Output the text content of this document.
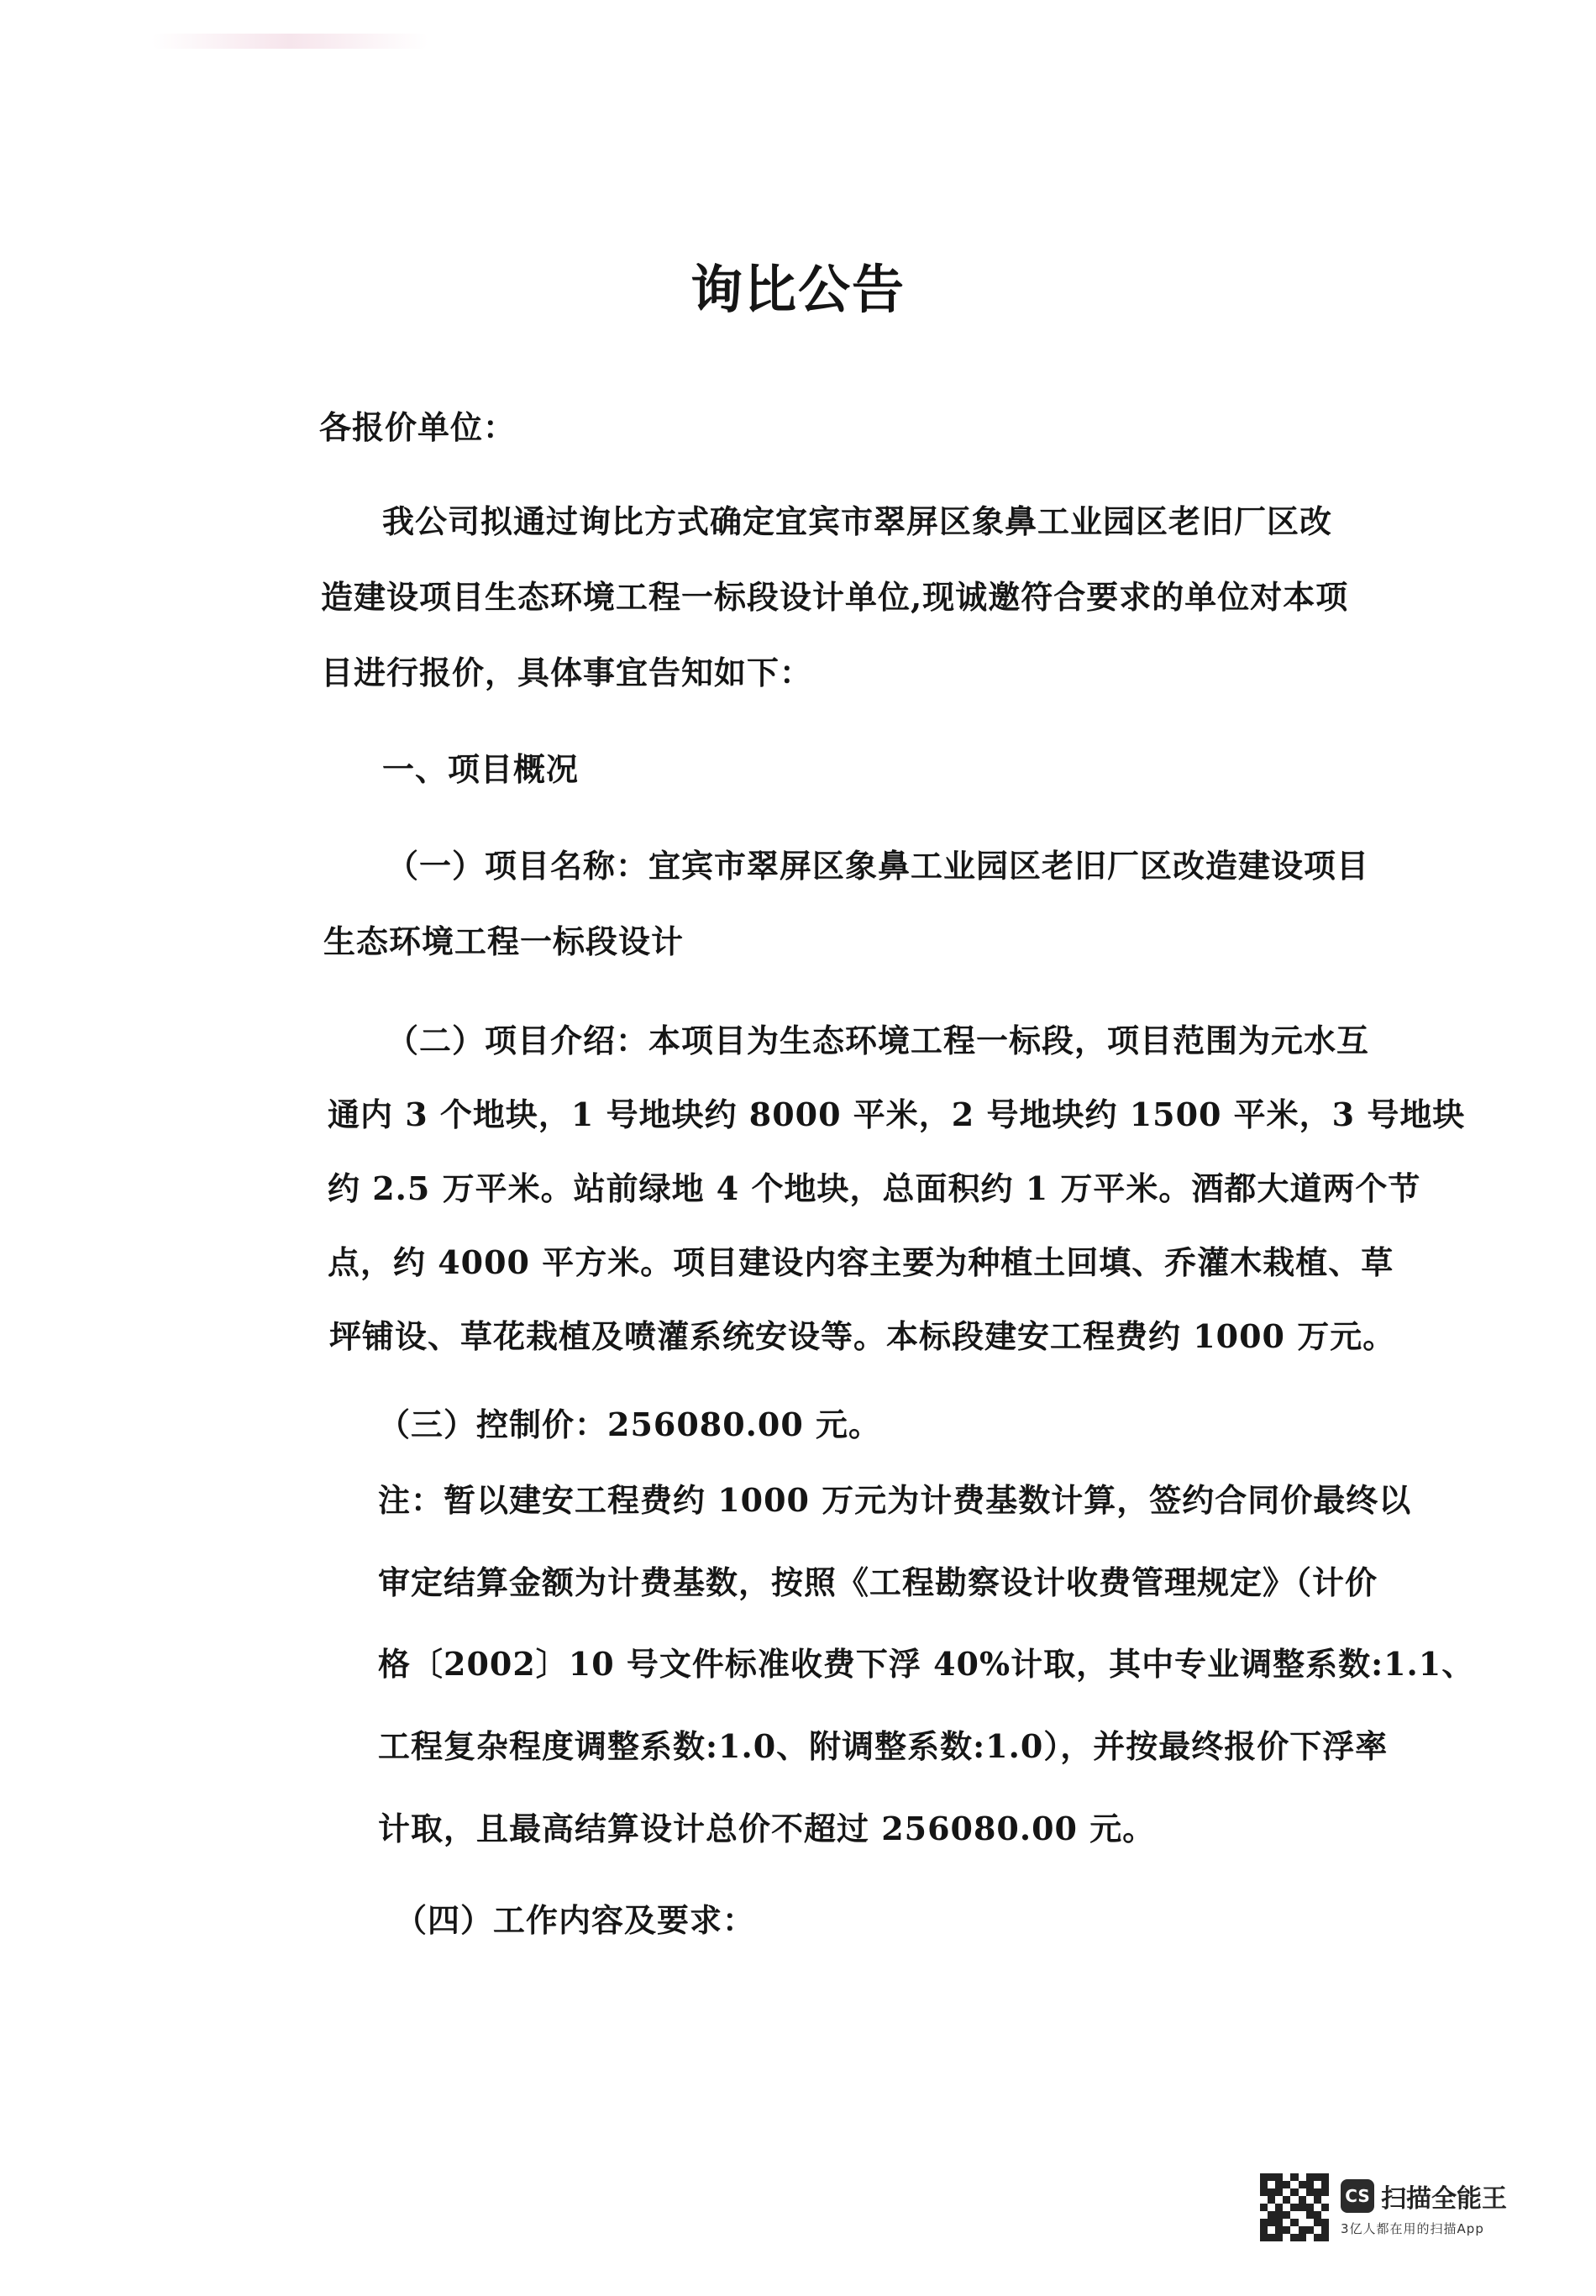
询比公告
各报价单位：
我公司拟通过询比方式确定宜宾市翠屏区象鼻工业园区老旧厂区改
造建设项目生态环境工程一标段设计单位,现诚邀符合要求的单位对本项
目进行报价，具体事宜告知如下：
一、项目概况
（一）项目名称：宜宾市翠屏区象鼻工业园区老旧厂区改造建设项目
生态环境工程一标段设计
（二）项目介绍：本项目为生态环境工程一标段，项目范围为元水互
通内 3 个地块，1 号地块约 8000 平米，2 号地块约 1500 平米，3 号地块
约 2.5 万平米。站前绿地 4 个地块，总面积约 1 万平米。酒都大道两个节
点，约 4000 平方米。项目建设内容主要为种植土回填、乔灌木栽植、草
坪铺设、草花栽植及喷灌系统安设等。本标段建安工程费约 1000 万元。
（三）控制价：256080.00 元。
注：暂以建安工程费约 1000 万元为计费基数计算，签约合同价最终以
审定结算金额为计费基数，按照《工程勘察设计收费管理规定》（计价
格〔2002〕10 号文件标准收费下浮 40%计取，其中专业调整系数:1.1、
工程复杂程度调整系数:1.0、附调整系数:1.0），并按最终报价下浮率
计取，且最高结算设计总价不超过 256080.00 元。
（四）工作内容及要求：
CS 扫描全能王
3亿人都在用的扫描App
